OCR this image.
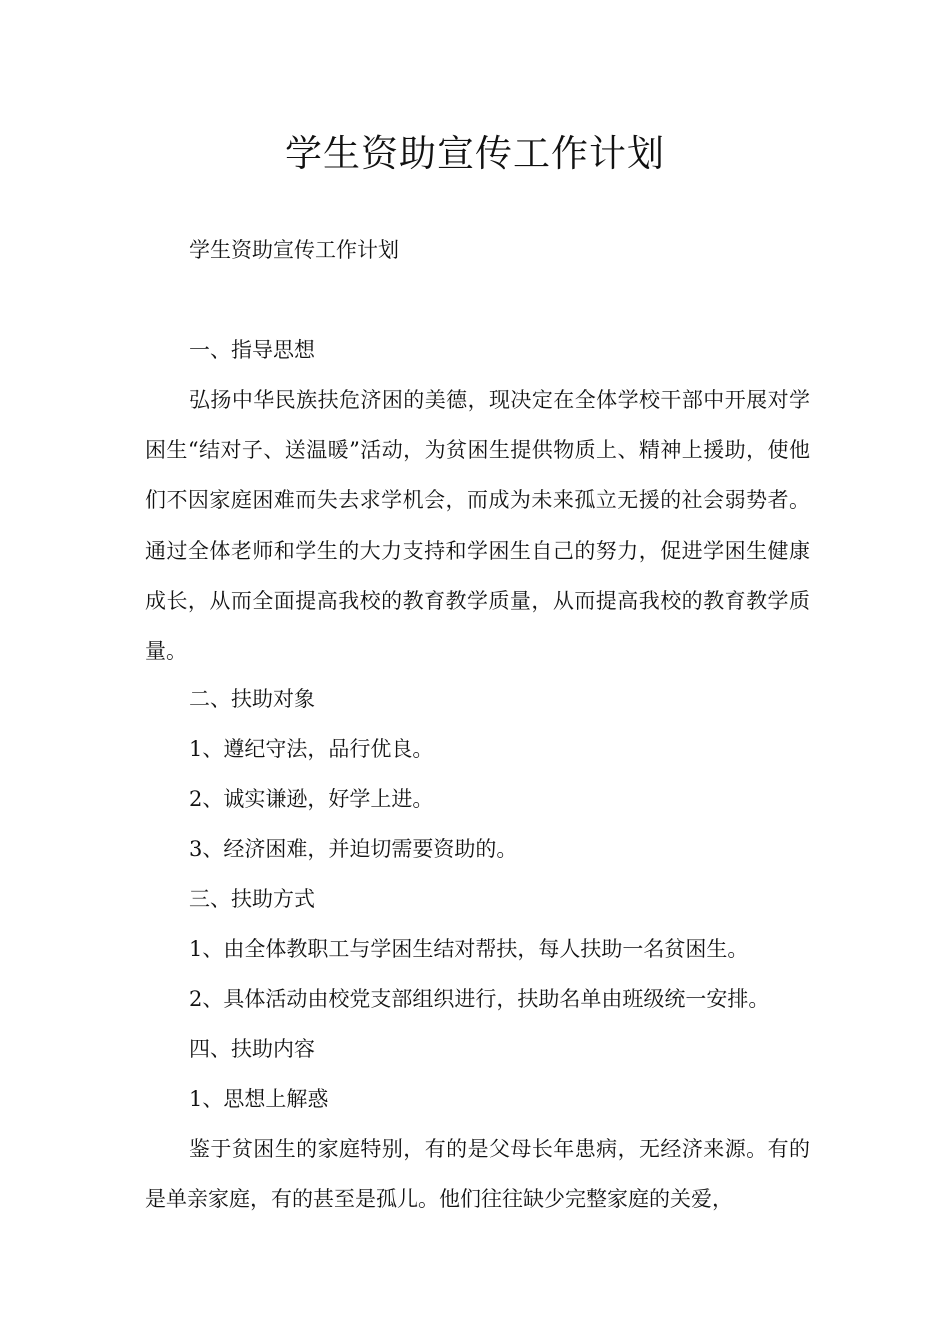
学生资助宣传工作计划

学生资助宣传工作计划

一、指导思想

弘扬中华民族扶危济困的美德，现决定在全体学校干部中开展对学困生“结对子、送温暖”活动，为贫困生提供物质上、精神上援助，使他们不因家庭困难而失去求学机会，而成为未来孤立无援的社会弱势者。通过全体老师和学生的大力支持和学困生自己的努力，促进学困生健康成长，从而全面提高我校的教育教学质量，从而提高我校的教育教学质量。

二、扶助对象

1、遵纪守法，品行优良。

2、诚实谦逊，好学上进。

3、经济困难，并迫切需要资助的。

三、扶助方式

1、由全体教职工与学困生结对帮扶，每人扶助一名贫困生。

2、具体活动由校党支部组织进行，扶助名单由班级统一安排。

四、扶助内容

1、思想上解惑

鉴于贫困生的家庭特别，有的是父母长年患病，无经济来源。有的是单亲家庭，有的甚至是孤儿。他们往往缺少完整家庭的关爱，
